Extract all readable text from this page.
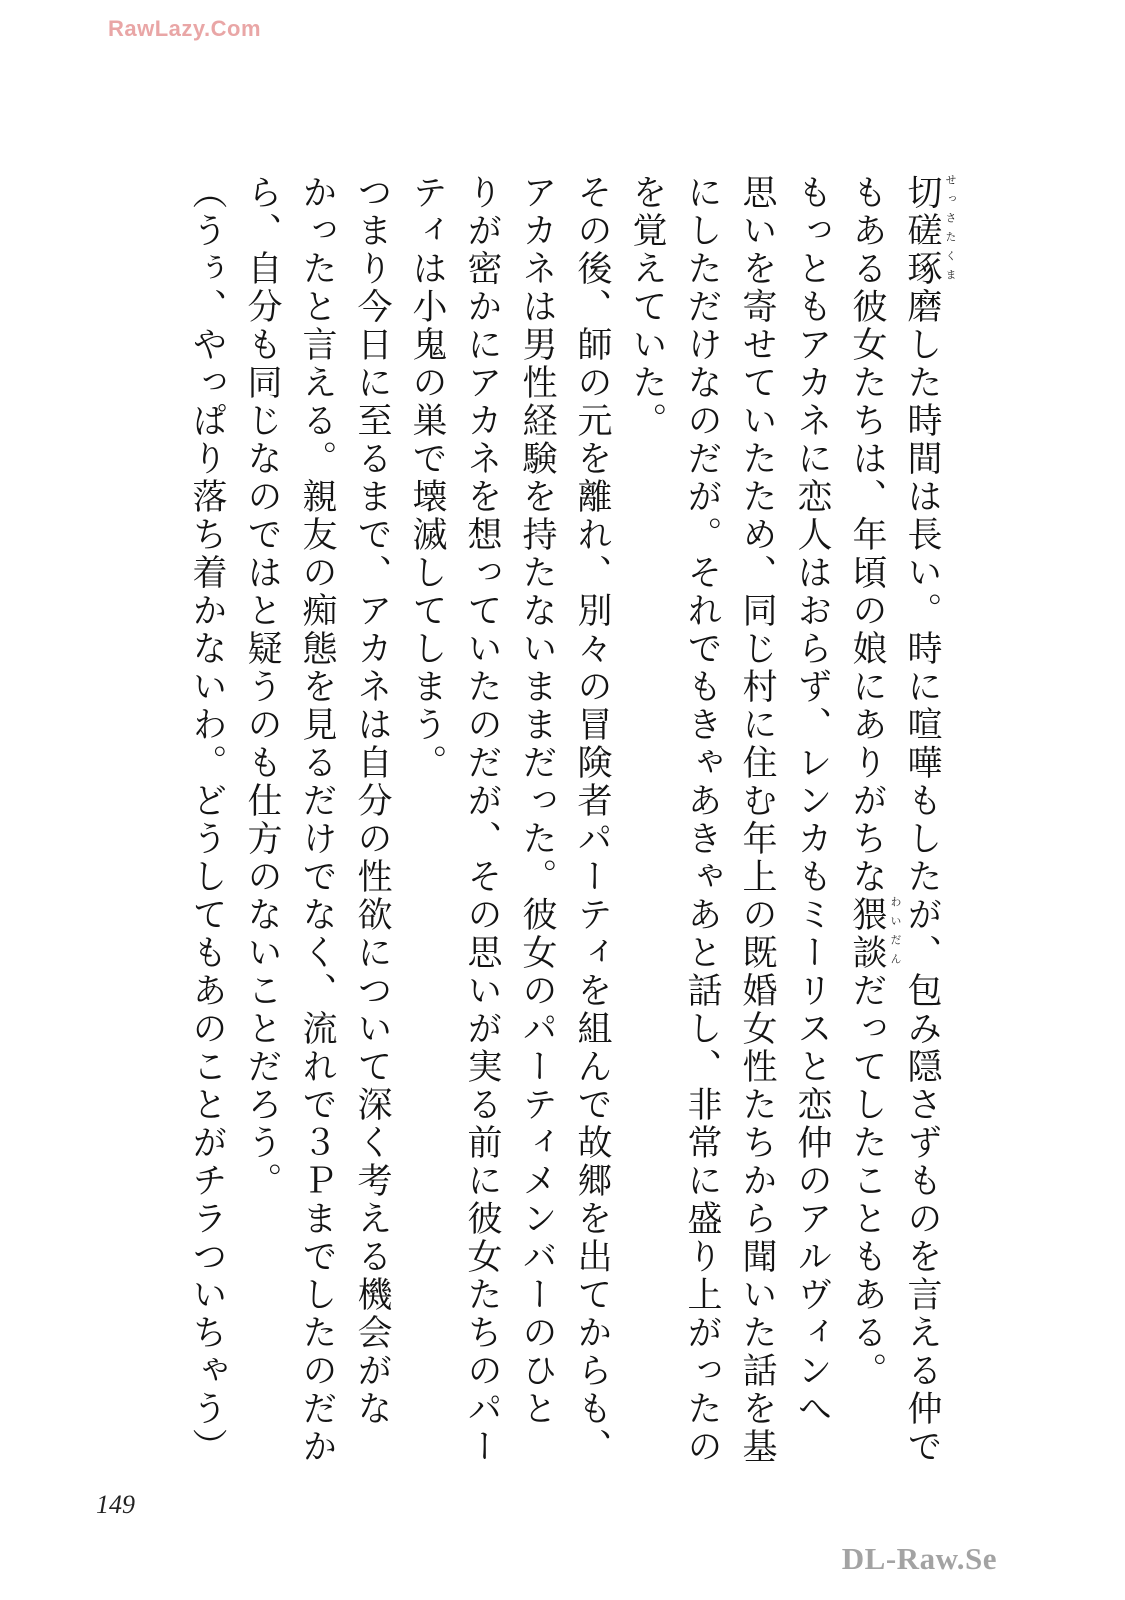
RawLazy.Com
切磋琢磨 せっさたくま
した時間は長い。時に喧嘩もしたが、包み隠さずものを言える仲で
もある彼女たちは、年頃の娘にありがちな猥談 わいだん
だってしたこともある。
もっともアカネに恋人はおらず、レンカもミーリスと恋仲のアルヴィンへ
思いを寄せていたため、同じ村に住む年上の既婚女性たちから聞いた話を基
にしただけなのだが。それでもきゃあきゃあと話し、非常に盛り上がったの
を覚えていた。
その後、師の元を離れ、別々の冒険者パーティを組んで故郷を出てからも、
アカネは男性経験を持たないままだった。彼女のパーティメンバーのひと
りが密かにアカネを想っていたのだが、その思いが実る前に彼女たちのパー
ティは小鬼の巣で壊滅してしまう。
つまり今日に至るまで、アカネは自分の性欲について深く考える機会がな
かったと言える。親友の痴態を見るだけでなく、流れで３Ｐまでしたのだか
ら、自分も同じなのではと疑うのも仕方のないことだろう。
（うぅ、やっぱり落ち着かないわ。どうしてもあのことがチラついちゃう）
149
DL-Raw.Se
